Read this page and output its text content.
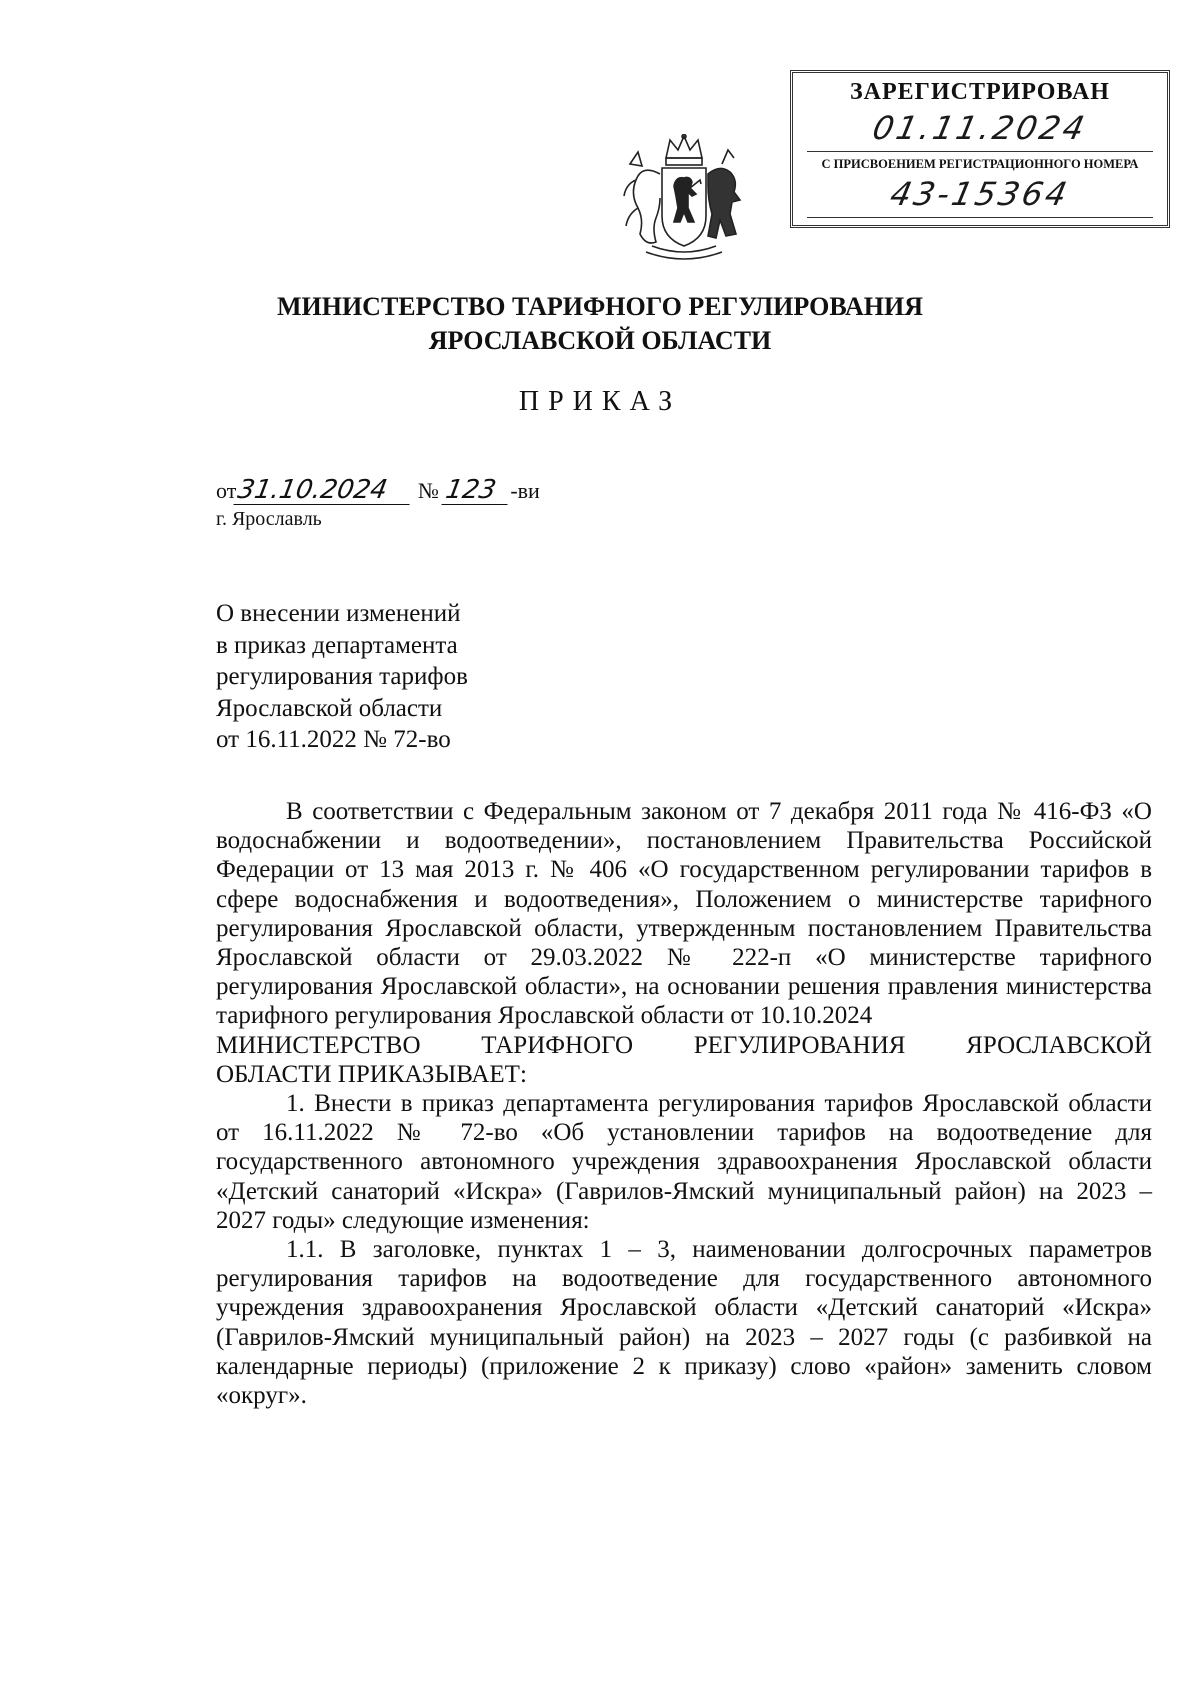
ЗАРЕГИСТРИРОВАН
01.11.2024
С ПРИСВОЕНИЕМ РЕГИСТРАЦИОННОГО НОМЕРА
43-15364
МИНИСТЕРСТВО ТАРИФНОГО РЕГУЛИРОВАНИЯ
ЯРОСЛАВСКОЙ ОБЛАСТИ
ПРИКАЗ
от31.10.2024 № 123 -ви
г. Ярославль
О внесении изменений
в приказ департамента
регулирования тарифов
Ярославской области
от 16.11.2022 № 72-во

В соответствии с Федеральным законом от 7 декабря 2011 года № 416-ФЗ «О водоснабжении и водоотведении», постановлением Правительства Российской Федерации от 13 мая 2013 г. № 406 «О государственном регулировании тарифов в сфере водоснабжения и водоотведения», Положением о министерстве тарифного регулирования Ярославской области, утвержденным постановлением Правительства Ярославской области от 29.03.2022 № 222-п «О министерстве тарифного регулирования Ярославской области», на основании решения правления министерства тарифного регулирования Ярославской области от 10.10.2024

МИНИСТЕРСТВО ТАРИФНОГО РЕГУЛИРОВАНИЯ ЯРОСЛАВСКОЙ

ОБЛАСТИ ПРИКАЗЫВАЕТ:

1. Внести в приказ департамента регулирования тарифов Ярославской области от 16.11.2022 № 72-во «Об установлении тарифов на водоотведение для государственного автономного учреждения здравоохранения Ярославской области «Детский санаторий «Искра» (Гаврилов-Ямский муниципальный район) на 2023 – 2027 годы» следующие изменения:

1.1. В заголовке, пунктах 1 – 3, наименовании долгосрочных параметров регулирования тарифов на водоотведение для государственного автономного учреждения здравоохранения Ярославской области «Детский санаторий «Искра» (Гаврилов-Ямский муниципальный район) на 2023 – 2027 годы (с разбивкой на календарные периоды) (приложение 2 к приказу) слово «район» заменить словом «округ».
